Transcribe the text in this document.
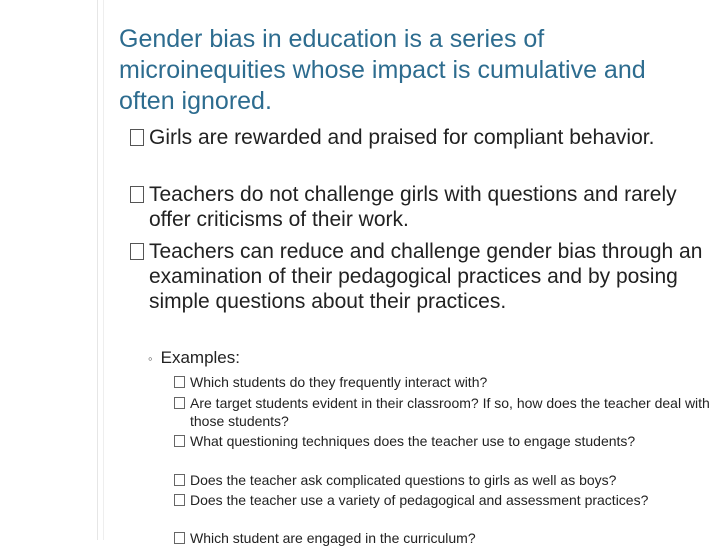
Gender bias in education is a series of microinequities whose impact is cumulative and often ignored.
Girls are rewarded and praised for compliant behavior.
Teachers do not challenge girls with questions and rarely offer criticisms of their work.
Teachers can reduce and challenge gender bias through an examination of their pedagogical practices and by posing simple questions about their practices.
◦ Examples:
Which students do they frequently interact with?
Are target students evident in their classroom? If so, how does the teacher deal with those students?
What questioning techniques does the teacher use to engage students?
Does the teacher ask complicated questions to girls as well as boys?
Does the teacher use a variety of pedagogical and assessment practices?
Which student are engaged in the curriculum?
